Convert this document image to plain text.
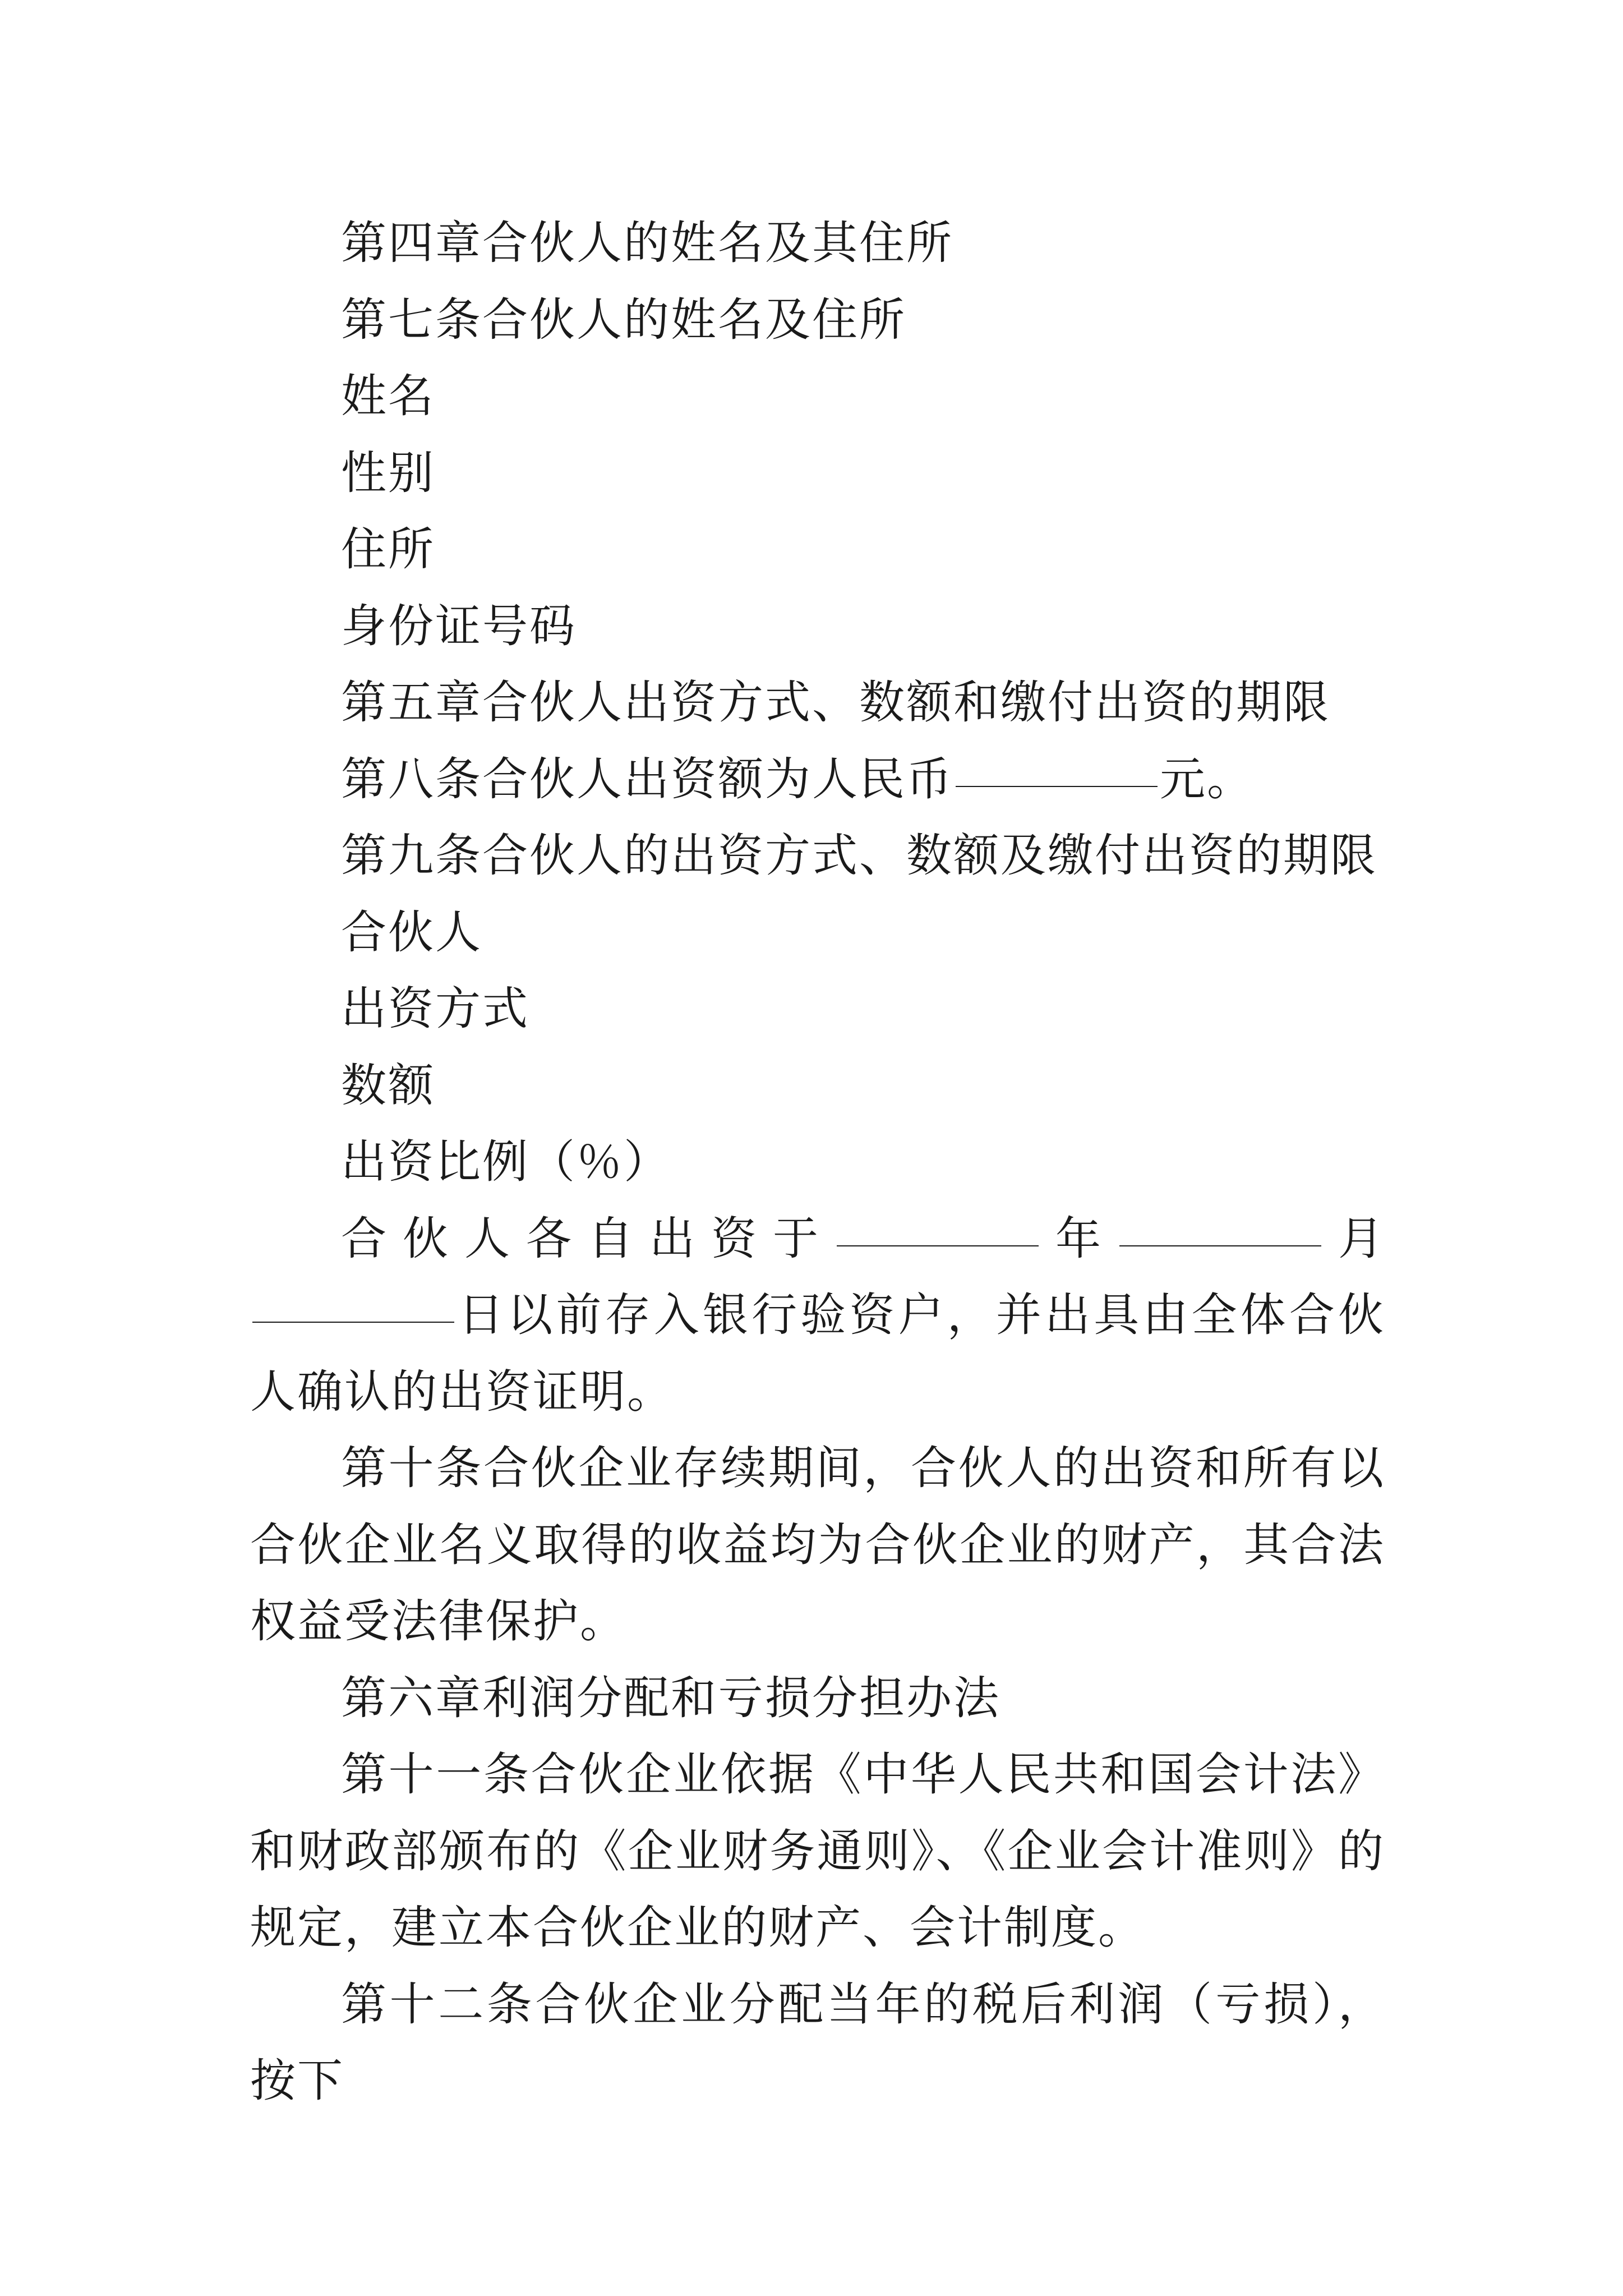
第四章合伙人的姓名及其住所

第七条合伙人的姓名及住所

姓名

性别

住所

身份证号码

第五章合伙人出资方式、数额和缴付出资的期限

第八条合伙人出资额为人民币	元。

第九条合伙人的出资方式、数额及缴付出资的期限

合伙人

出资方式

数额

出资比例（％）

合伙人各自出资于	年	月日以前存入银行验资户，并出具由全体合伙人确认的出资证明。

第十条合伙企业存续期间，合伙人的出资和所有以合伙企业名义取得的收益均为合伙企业的财产，其合法权益受法律保护。

第六章利润分配和亏损分担办法

第十一条合伙企业依据《中华人民共和国会计法》和财政部颁布的《企业财务通则》、《企业会计准则》的规定，建立本合伙企业的财产、会计制度。

第十二条合伙企业分配当年的税后利润（亏损），按下
